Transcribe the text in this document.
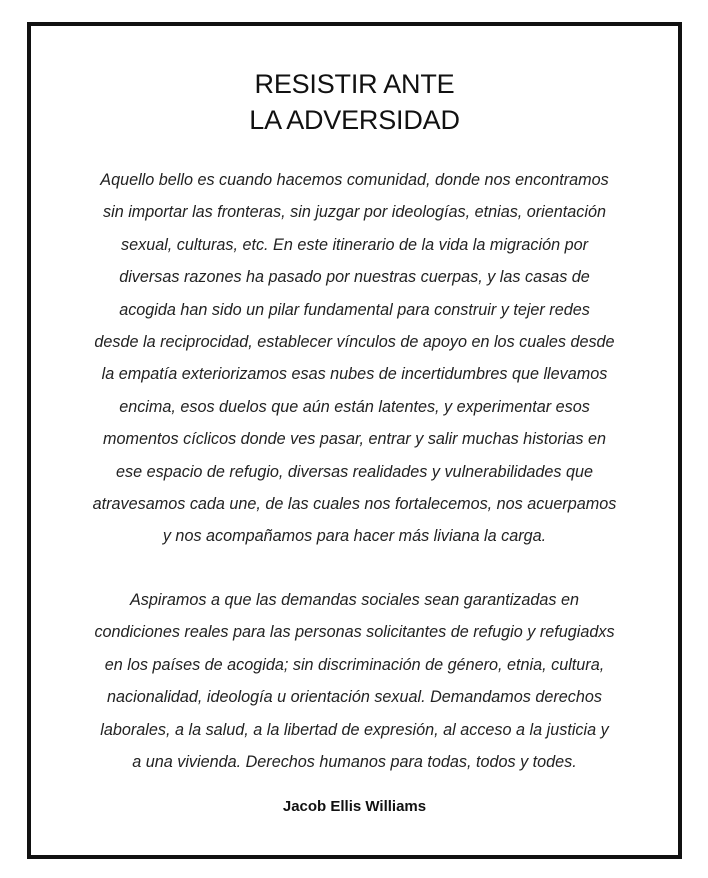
RESISTIR ANTE
LA ADVERSIDAD

Aquello bello es cuando hacemos comunidad, donde nos encontramos
sin importar las fronteras, sin juzgar por ideologías, etnias, orientación
sexual, culturas, etc. En este itinerario de la vida la migración por
diversas razones ha pasado por nuestras cuerpas, y las casas de
acogida han sido un pilar fundamental para construir y tejer redes
desde la reciprocidad, establecer vínculos de apoyo en los cuales desde
la empatía exteriorizamos esas nubes de incertidumbres que llevamos
encima, esos duelos que aún están latentes, y experimentar esos
momentos cíclicos donde ves pasar, entrar y salir muchas historias en
ese espacio de refugio, diversas realidades y vulnerabilidades que
atravesamos cada une, de las cuales nos fortalecemos, nos acuerpamos
y nos acompañamos para hacer más liviana la carga.

Aspiramos a que las demandas sociales sean garantizadas en
condiciones reales para las personas solicitantes de refugio y refugiadxs
en los países de acogida; sin discriminación de género, etnia, cultura,
nacionalidad, ideología u orientación sexual. Demandamos derechos
laborales, a la salud, a la libertad de expresión, al acceso a la justicia y
a una vivienda. Derechos humanos para todas, todos y todes.

Jacob Ellis Williams
